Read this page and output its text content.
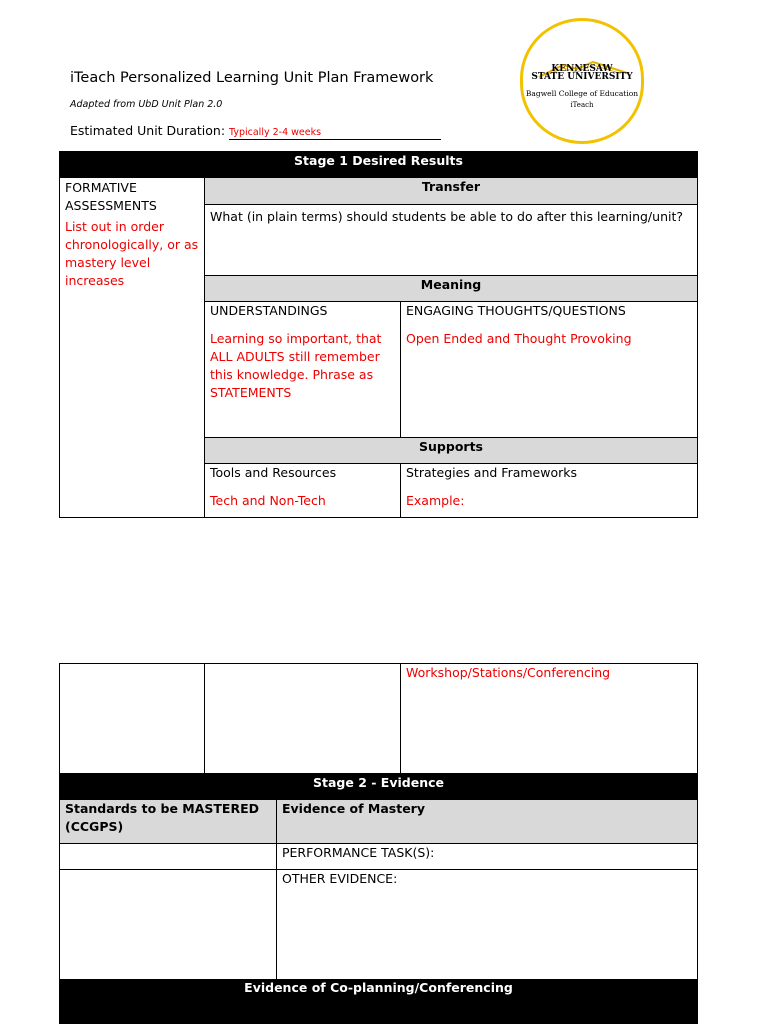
iTeach Personalized Learning Unit Plan Framework
Adapted from UbD Unit Plan 2.0
Estimated Unit Duration: Typically 2-4 weeks
KENNESAW
STATE UNIVERSITY
Bagwell College of Education
iTeach
Stage 1 Desired Results
FORMATIVE ASSESSMENTS
List out in order chronologically, or as mastery level increases
Transfer
What (in plain terms) should students be able to do after this learning/unit?
Meaning
UNDERSTANDINGS
Learning so important, that ALL ADULTS still remember this knowledge. Phrase as STATEMENTS
ENGAGING THOUGHTS/QUESTIONS
Open Ended and Thought Provoking
Supports
Tools and Resources
Tech and Non-Tech
Strategies and Frameworks
Example:
Workshop/Stations/Conferencing
Stage 2 - Evidence
Standards to be MASTERED (CCGPS)
Evidence of Mastery
PERFORMANCE TASK(S):
OTHER EVIDENCE:
Evidence of Co-planning/Conferencing
